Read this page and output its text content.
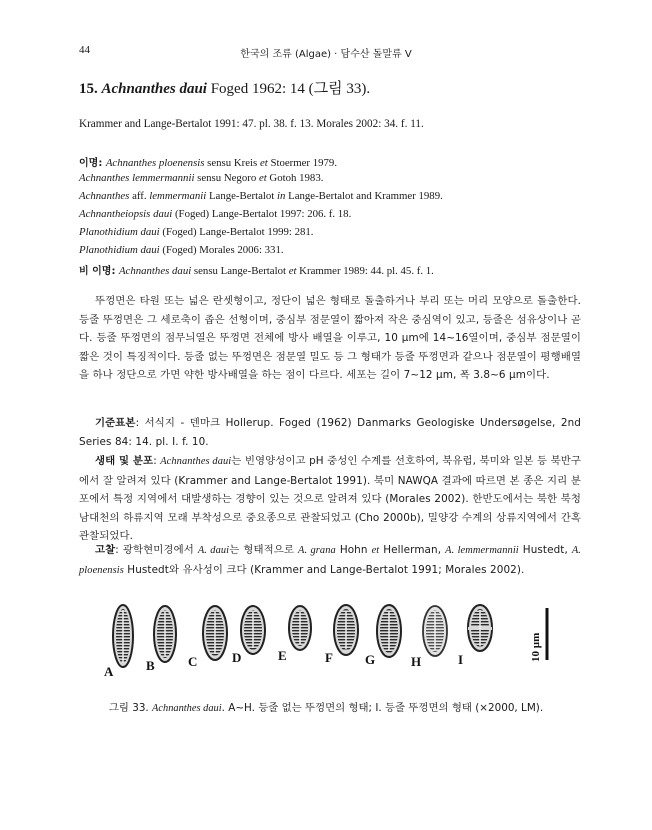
44	한국의 조류 (Algae) · 담수산 돌말류 V
15. Achnanthes daui Foged 1962: 14 (그림 33).
Krammer and Lange-Bertalot 1991: 47. pl. 38. f. 13. Morales 2002: 34. f. 11.
이명: Achnanthes ploenensis sensu Kreis et Stoermer 1979.
Achnanthes lemmermannii sensu Negoro et Gotoh 1983.
Achnanthes aff. lemmermanii Lange-Bertalot in Lange-Bertalot and Krammer 1989.
Achnantheiopsis daui (Foged) Lange-Bertalot 1997: 206. f. 18.
Planothidium daui (Foged) Lange-Bertalot 1999: 281.
Planothidium daui (Foged) Morales 2006: 331.
비 이명: Achnanthes daui sensu Lange-Bertalot et Krammer 1989: 44. pl. 45. f. 1.
뚜껑면은 타원 또는 넓은 란셋형이고, 정단이 넓은 형태로 돌출하거나 부리 또는 머리 모양으로 돌출한다. 등줄 뚜껑면은 그 세로축이 좁은 선형이며, 중심부 점문열이 짧아져 작은 중심역이 있고, 등줄은 섬유상이나 곧다. 등줄 뚜껑면의 점무늬열은 뚜껑면 전체에 방사 배열을 이루고, 10 µm에 14~16열이며, 중심부 점문열이 짧은 것이 특징적이다. 등줄 없는 뚜껑면은 점문열 밀도 등 그 형태가 등줄 뚜껑면과 같으나 점문열이 평행배열을 하나 정단으로 가면 약한 방사배열을 하는 점이 다르다. 세포는 길이 7~12 µm, 폭 3.8~6 µm이다.
기준표본: 서식지 - 덴마크 Hollerup. Foged (1962) Danmarks Geologiske Undersøgelse, 2nd Series 84: 14. pl. I. f. 10.
생태 및 분포: Achnanthes daui는 빈영양성이고 pH 중성인 수계를 선호하여, 북유럽, 북미와 일본 등 북반구에서 잘 알려져 있다 (Krammer and Lange-Bertalot 1991). 북미 NAWQA 결과에 따르면 본 종은 지리 분포에서 특정 지역에서 대발생하는 경향이 있는 것으로 알려져 있다 (Morales 2002). 한반도에서는 북한 북청남대천의 하류지역 모래 부착성으로 중요종으로 관찰되었고 (Cho 2000b), 밀양강 수계의 상류지역에서 간혹 관찰되었다.
고찰: 광학현미경에서 A. daui는 형태적으로 A. grana Hohn et Hellerman, A. lemmermannii Hustedt, A. ploenensis Hustedt와 유사성이 크다 (Krammer and Lange-Bertalot 1991; Morales 2002).
A	B	C	D	E	F G	H	I	10 µm
그림 33. Achnanthes daui. A~H. 등줄 없는 뚜껑면의 형태; I. 등줄 뚜껑면의 형태 (×2000, LM).
